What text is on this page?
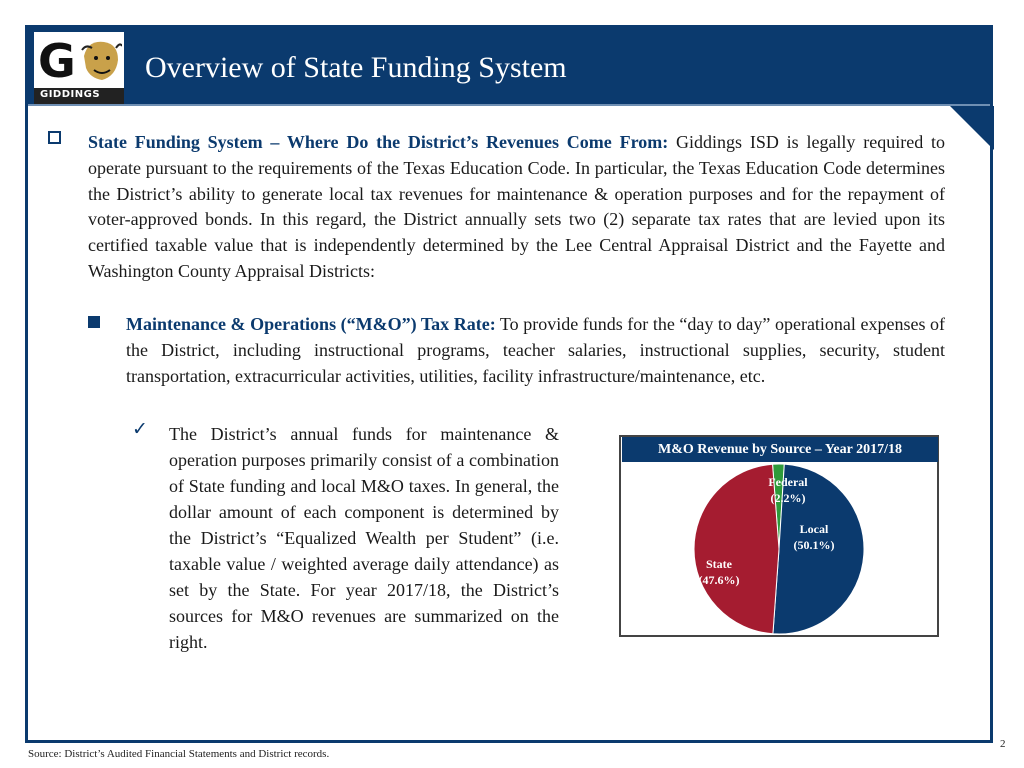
G
GIDDINGS
Overview of State Funding System
State Funding System – Where Do the District’s Revenues Come From: Giddings ISD is legally required to operate pursuant to the requirements of the Texas Education Code. In particular, the Texas Education Code determines the District’s ability to generate local tax revenues for maintenance & operation purposes and for the repayment of voter-approved bonds. In this regard, the District annually sets two (2) separate tax rates that are levied upon its certified taxable value that is independently determined by the Lee Central Appraisal District and the Fayette and Washington County Appraisal Districts:
Maintenance & Operations (“M&O”) Tax Rate: To provide funds for the “day to day” operational expenses of the District, including instructional programs, teacher salaries, instructional supplies, security, student transportation, extracurricular activities, utilities, facility infrastructure/maintenance, etc.
✓ The District’s annual funds for maintenance & operation purposes primarily consist of a combination of State funding and local M&O taxes. In general, the dollar amount of each component is determined by the District’s “Equalized Wealth per Student” (i.e. taxable value / weighted average daily attendance) as set by the State. For year 2017/18, the District’s sources for M&O revenues are summarized on the right.
Federal
(2.2%)
Local
(50.1%)
State
(47.6%)
M&O Revenue by Source – Year 2017/18
Source: District’s Audited Financial Statements and District records.
2
